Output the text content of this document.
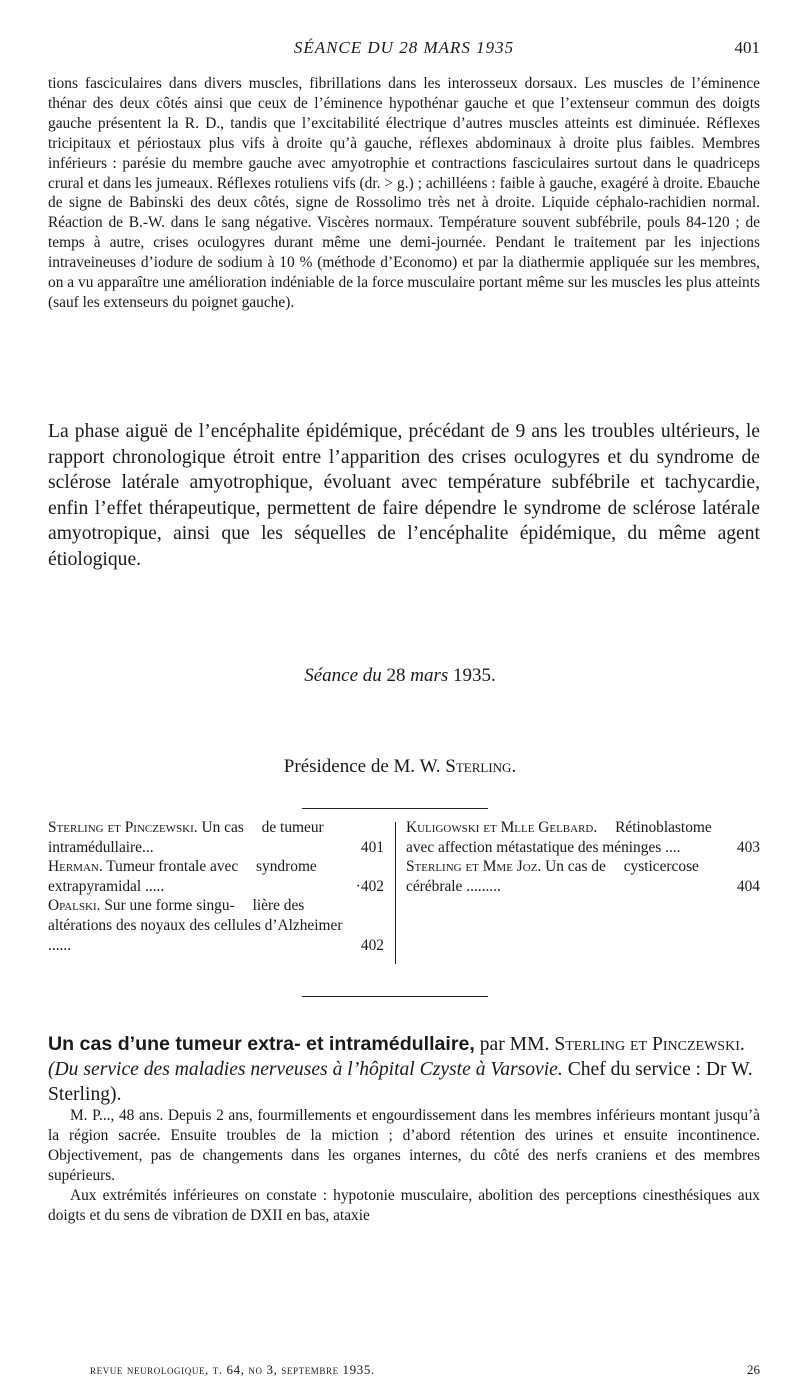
SÉANCE DU 28 MARS 1935	401

tions fasciculaires dans divers muscles, fibrillations dans les interosseux dorsaux. Les muscles de l’éminence thénar des deux côtés ainsi que ceux de l’éminence hypothénar gauche et que l’extenseur commun des doigts gauche présentent la R. D., tandis que l’excitabilité électrique d’autres muscles atteints est diminuée. Réflexes tricipitaux et périostaux plus vifs à droite qu’à gauche, réflexes abdominaux à droite plus faibles. Membres inférieurs : parésie du membre gauche avec amyotrophie et contractions fasciculaires surtout dans le quadriceps crural et dans les jumeaux. Réflexes rotuliens vifs (dr. > g.) ; achilléens : faible à gauche, exagéré à droite. Ebauche de signe de Babinski des deux côtés, signe de Rossolimo très net à droite. Liquide céphalo-rachidien normal. Réaction de B.-W. dans le sang négative. Viscères normaux. Température souvent subfébrile, pouls 84-120 ; de temps à autre, crises oculogyres durant même une demi-journée. Pendant le traitement par les injections intraveineuses d’iodure de sodium à 10 % (méthode d’Economo) et par la diathermie appliquée sur les membres, on a vu apparaître une amélioration indéniable de la force musculaire portant même sur les muscles les plus atteints (sauf les extenseurs du poignet gauche).

La phase aiguë de l’encéphalite épidémique, précédant de 9 ans les troubles ultérieurs, le rapport chronologique étroit entre l’apparition des crises oculogyres et du syndrome de sclérose latérale amyotrophique, évoluant avec température subfébrile et tachycardie, enfin l’effet thérapeutique, permettent de faire dépendre le syndrome de sclérose latérale amyotropique, ainsi que les séquelles de l’encéphalite épidémique, du même agent étiologique.

Séance du 28 mars 1935.
Présidence de M. W. Sterling.
Sterling et Pinczewski. Un cas de tumeur intramédullaire...	401
Herman. Tumeur frontale avec syndrome extrapyramidal .....	·402
Opalski. Sur une forme singu- lière des altérations des noyaux des cellules d’Alzheimer ......	402
Kuligowski et Mlle Gelbard. Rétinoblastome avec affection métastatique des méninges ....	403
Sterling et Mme Joz. Un cas de cysticercose cérébrale .........	404

Un cas d’une tumeur extra- et intramédullaire, par MM. Sterling et Pinczewski. (Du service des maladies nerveuses à l’hôpital Czyste à Varsovie. Chef du service : Dr W. Sterling).

M. P..., 48 ans. Depuis 2 ans, fourmillements et engourdissement dans les membres inférieurs montant jusqu’à la région sacrée. Ensuite troubles de la miction ; d’abord rétention des urines et ensuite incontinence. Objectivement, pas de changements dans les organes internes, du côté des nerfs craniens et des membres supérieurs.

Aux extrémités inférieures on constate : hypotonie musculaire, abolition des perceptions cinesthésiques aux doigts et du sens de vibration de DXII en bas, ataxie

revue neurologique, t. 64, no 3, septembre 1935.	26
